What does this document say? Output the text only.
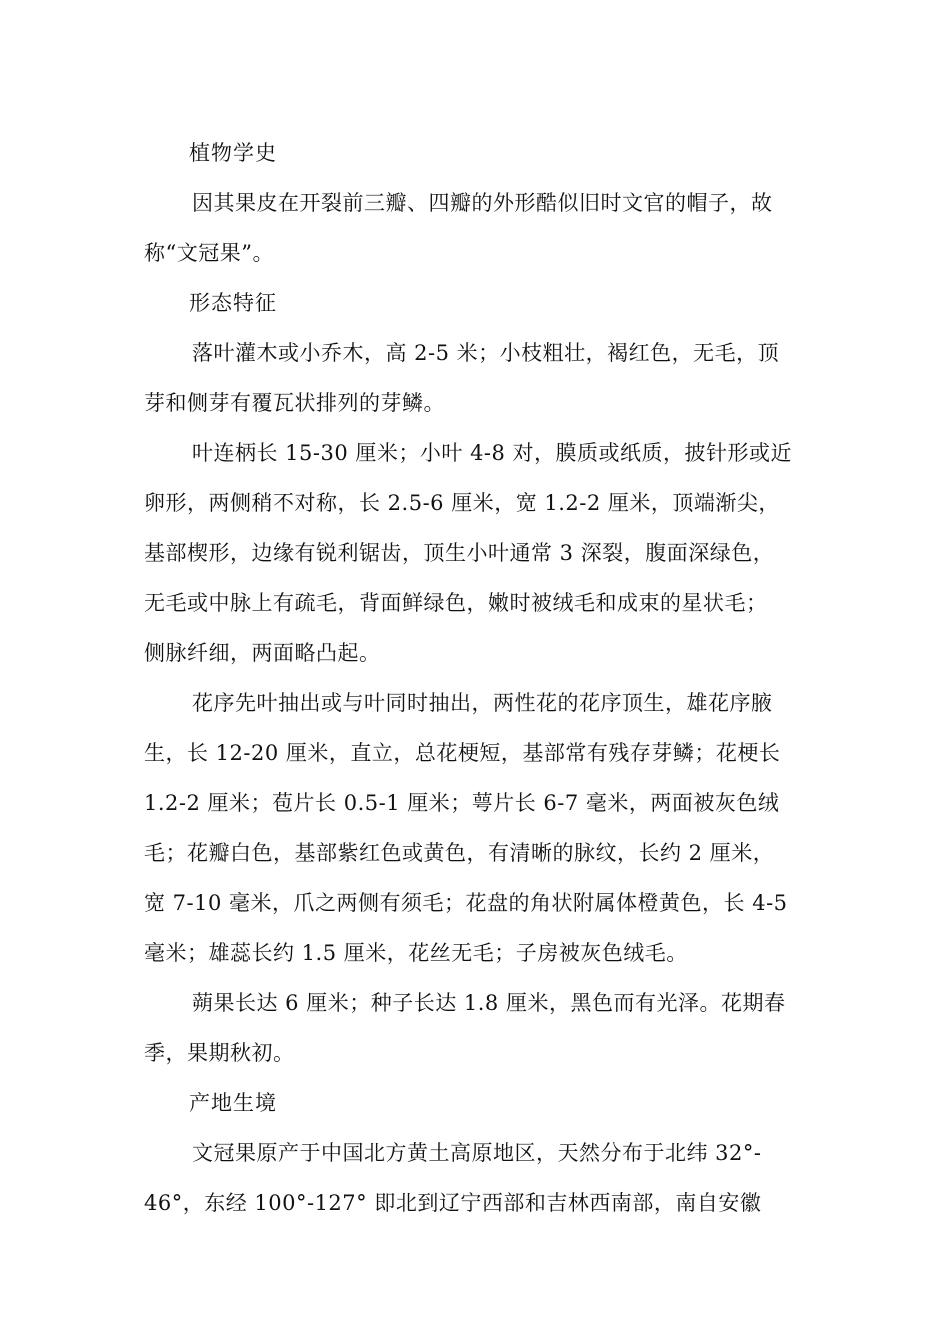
植物学史
因其果皮在开裂前三瓣、四瓣的外形酷似旧时文官的帽子，故
称“文冠果”。
形态特征
落叶灌木或小乔木，高 2-5 米；小枝粗壮，褐红色，无毛，顶
芽和侧芽有覆瓦状排列的芽鳞。
叶连柄长 15-30 厘米；小叶 4-8 对，膜质或纸质，披针形或近
卵形，两侧稍不对称，长 2.5-6 厘米，宽 1.2-2 厘米，顶端渐尖，
基部楔形，边缘有锐利锯齿，顶生小叶通常 3 深裂，腹面深绿色，
无毛或中脉上有疏毛，背面鲜绿色，嫩时被绒毛和成束的星状毛；
侧脉纤细，两面略凸起。
花序先叶抽出或与叶同时抽出，两性花的花序顶生，雄花序腋
生，长 12-20 厘米，直立，总花梗短，基部常有残存芽鳞；花梗长
1.2-2 厘米；苞片长 0.5-1 厘米；萼片长 6-7 毫米，两面被灰色绒
毛；花瓣白色，基部紫红色或黄色，有清晰的脉纹，长约 2 厘米，
宽 7-10 毫米，爪之两侧有须毛；花盘的角状附属体橙黄色，长 4-5
毫米；雄蕊长约 1.5 厘米，花丝无毛；子房被灰色绒毛。
蒴果长达 6 厘米；种子长达 1.8 厘米，黑色而有光泽。花期春
季，果期秋初。
产地生境
文冠果原产于中国北方黄土高原地区，天然分布于北纬 32°-
46°，东经 100°-127° 即北到辽宁西部和吉林西南部，南自安徽
